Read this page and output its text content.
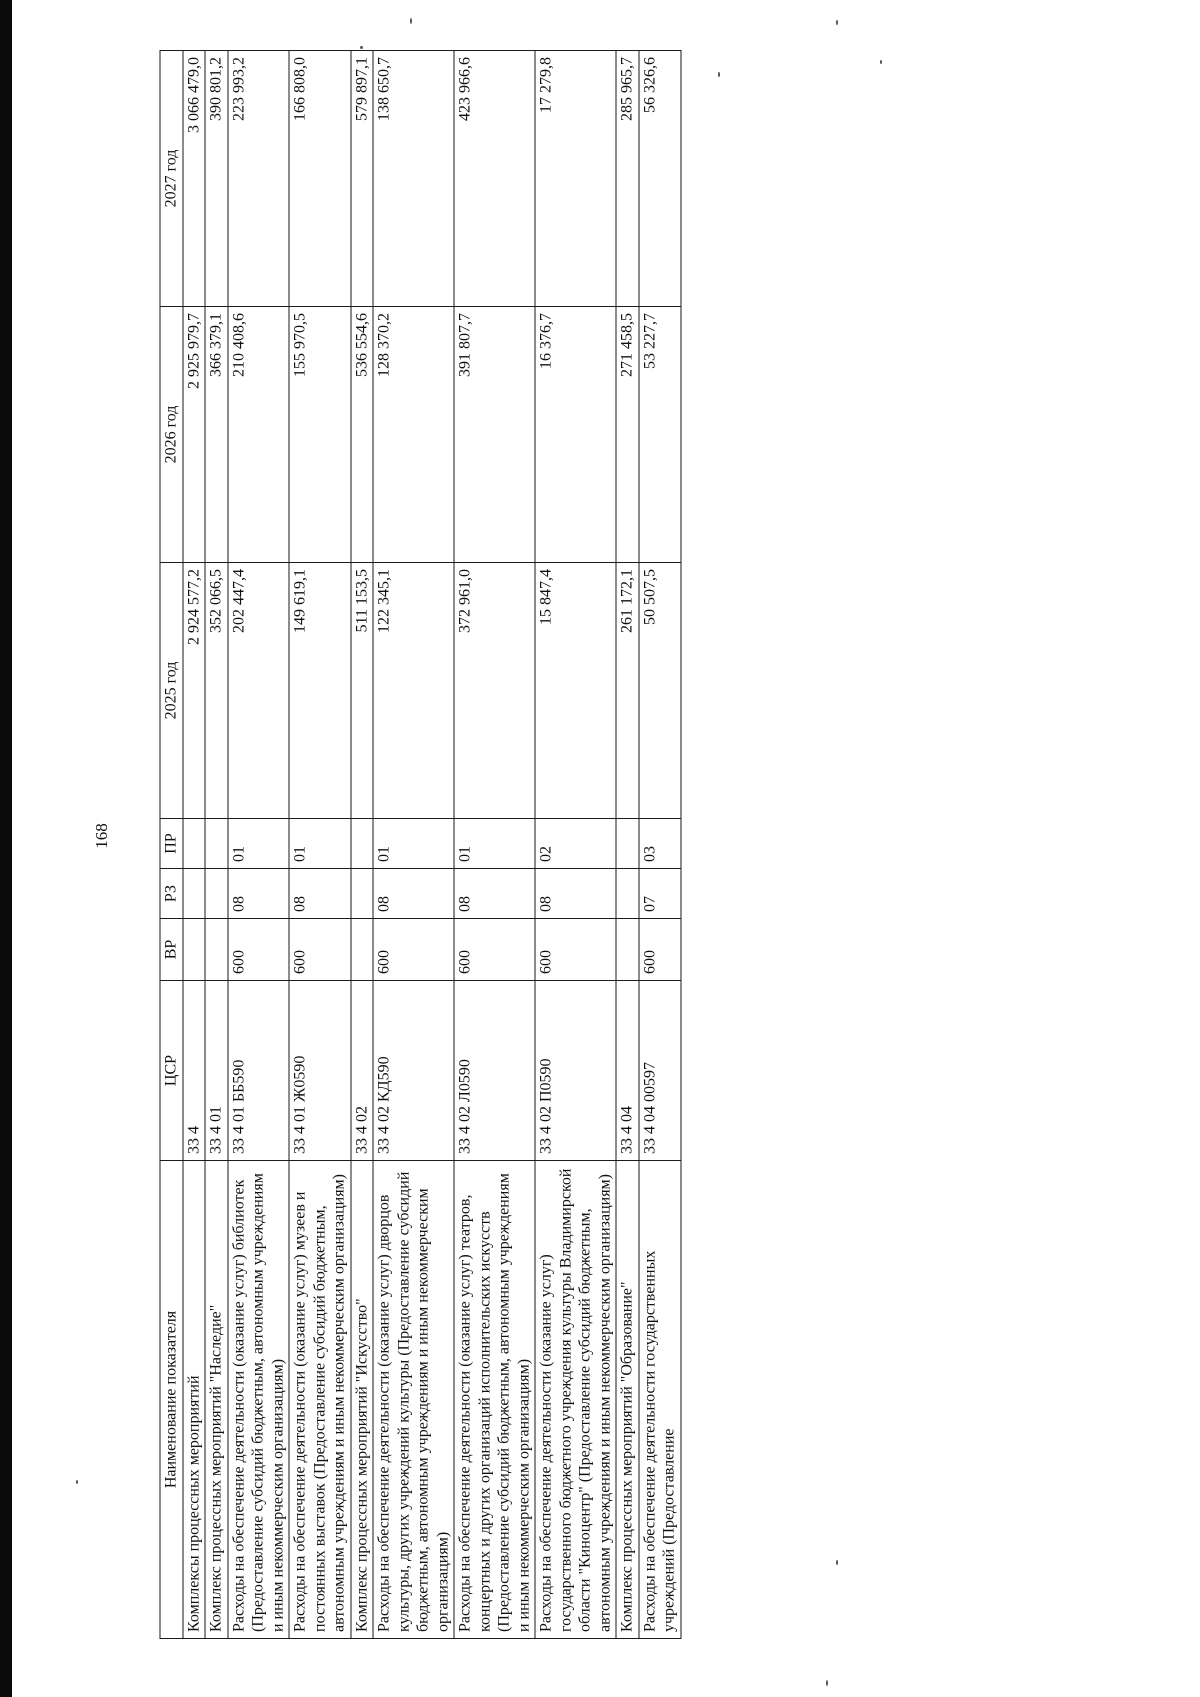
168
Наименование показателя	ЦСР	ВР	РЗ	ПР	2025 год	2026 год	2027 год
Комплексы процессных мероприятий	33 4				2 924 577,2	2 925 979,7	3 066 479,0
Комплекс процессных мероприятий "Наследие"	33 4 01				352 066,5	366 379,1	390 801,2
Расходы на обеспечение деятельности (оказание услуг) библиотек (Предоставление субсидий бюджетным, автономным учреждениям и иным некоммерческим организациям)	33 4 01 ББ590	600	08	01	202 447,4	210 408,6	223 993,2
Расходы на обеспечение деятельности (оказание услуг) музеев и постоянных выставок (Предоставление субсидий бюджетным, автономным учреждениям и иным некоммерческим организациям)	33 4 01 Ж0590	600	08	01	149 619,1	155 970,5	166 808,0
Комплекс процессных мероприятий "Искусство"	33 4 02				511 153,5	536 554,6	579 897,1
Расходы на обеспечение деятельности (оказание услуг) дворцов культуры, других учреждений культуры (Предоставление субсидий бюджетным, автономным учреждениям и иным некоммерческим организациям)	33 4 02 КД590	600	08	01	122 345,1	128 370,2	138 650,7
Расходы на обеспечение деятельности (оказание услуг) театров, концертных и других организаций исполнительских искусств (Предоставление субсидий бюджетным, автономным учреждениям и иным некоммерческим организациям)	33 4 02 Л0590	600	08	01	372 961,0	391 807,7	423 966,6
Расходы на обеспечение деятельности (оказание услуг) государственного бюджетного учреждения культуры Владимирской области "Киноцентр" (Предоставление субсидий бюджетным, автономным учреждениям и иным некоммерческим организациям)	33 4 02 П0590	600	08	02	15 847,4	16 376,7	17 279,8
Комплекс процессных мероприятий "Образование"	33 4 04				261 172,1	271 458,5	285 965,7
Расходы на обеспечение деятельности государственных учреждений (Предоставление	33 4 04 00597	600	07	03	50 507,5	53 227,7	56 326,6
